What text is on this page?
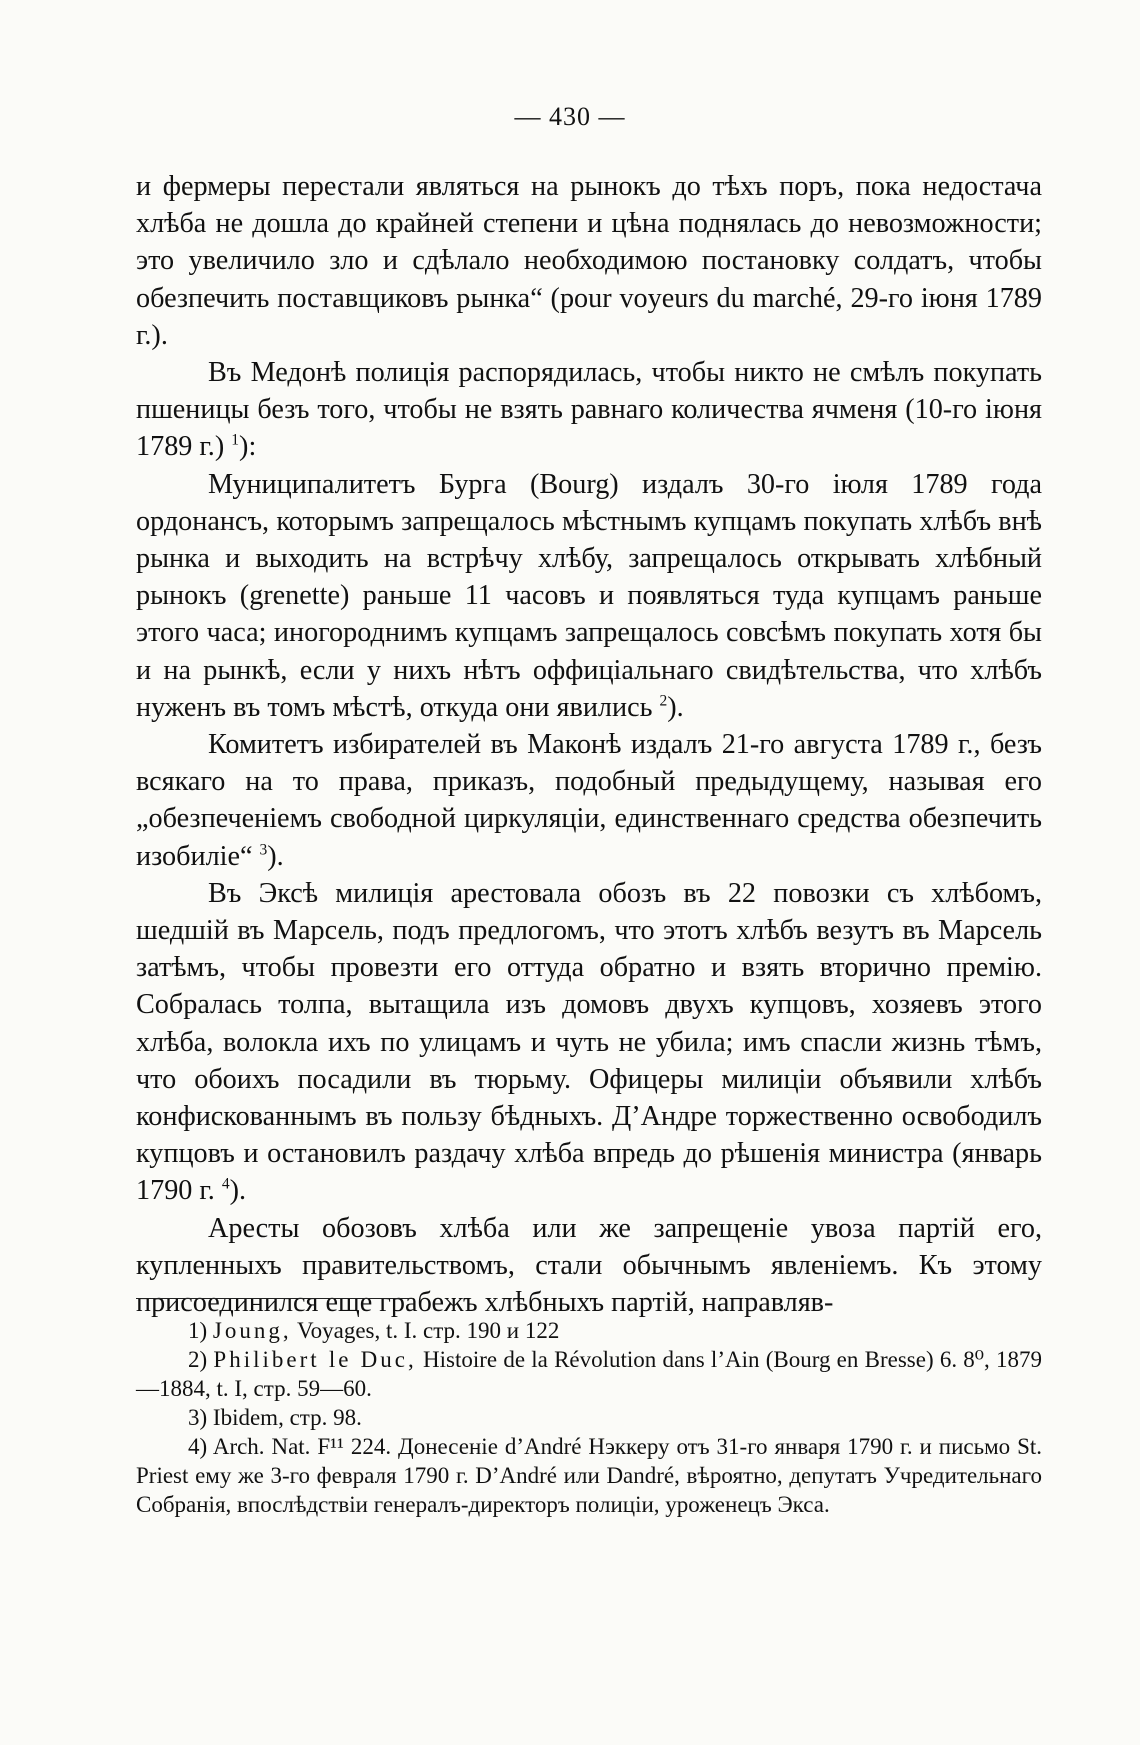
— 430 —

и фермеры перестали являться на рынокъ до тѣхъ поръ, пока недостача хлѣба не дошла до крайней степени и цѣна поднялась до невозможности; это увеличило зло и сдѣлало необходимою постановку солдатъ, чтобы обезпечить поставщиковъ рынка“ (pour voyeurs du marché, 29-го іюня 1789 г.).

Въ Медонѣ полиція распорядилась, чтобы никто не смѣлъ покупать пшеницы безъ того, чтобы не взять равнаго количества ячменя (10-го іюня 1789 г.) $^1$):

Муниципалитетъ Бурга (Bourg) издалъ 30-го іюля 1789 года ордонансъ, которымъ запрещалось мѣстнымъ купцамъ покупать хлѣбъ внѣ рынка и выходить на встрѣчу хлѣбу, запрещалось открывать хлѣбный рынокъ (grenette) раньше 11 часовъ и появляться туда купцамъ раньше этого часа; иногороднимъ купцамъ запрещалось совсѣмъ покупать хотя бы и на рынкѣ, если у нихъ нѣтъ оффиціальнаго свидѣтельства, что хлѣбъ нуженъ въ томъ мѣстѣ, откуда они явились $^2$).

Комитетъ избирателей въ Маконѣ издалъ 21-го августа 1789 г., безъ всякаго на то права, приказъ, подобный предыдущему, называя его „обезпеченіемъ свободной циркуляціи, единственнаго средства обезпечить изобиліе“ $^3$).

Въ Эксѣ милиція арестовала обозъ въ 22 повозки съ хлѣбомъ, шедшій въ Марсель, подъ предлогомъ, что этотъ хлѣбъ везутъ въ Марсель затѣмъ, чтобы провезти его оттуда обратно и взять вторично премію. Собралась толпа, вытащила изъ домовъ двухъ купцовъ, хозяевъ этого хлѣба, волокла ихъ по улицамъ и чуть не убила; имъ спасли жизнь тѣмъ, что обоихъ посадили въ тюрьму. Офицеры милиціи объявили хлѣбъ конфискованнымъ въ пользу бѣдныхъ. Д’Андре торжественно освободилъ купцовъ и остановилъ раздачу хлѣба впредь до рѣшенія министра (январь 1790 г. $^4$).

Аресты обозовъ хлѣба или же запрещеніе увоза партій его, купленныхъ правительствомъ, стали обычнымъ явленіемъ. Къ этому присоединился еще грабежъ хлѣбныхъ партій, направляв-

1) Joung, Voyages, t. I. стр. 190 и 122

2) Philibert le Duc, Histoire de la Révolution dans l’Ain (Bourg en Bresse) 6. 8⁰, 1879—1884, t. I, стр. 59—60.

3) Ibidem, стр. 98.

4) Arch. Nat. F¹¹ 224. Донесеніе d’André Нэккеру отъ 31-го января 1790 г. и письмо St. Priest ему же 3-го февраля 1790 г. D’André или Dandré, вѣроятно, депутатъ Учредительнаго Собранія, впослѣдствіи генералъ-директоръ полиціи, уроженецъ Экса.
